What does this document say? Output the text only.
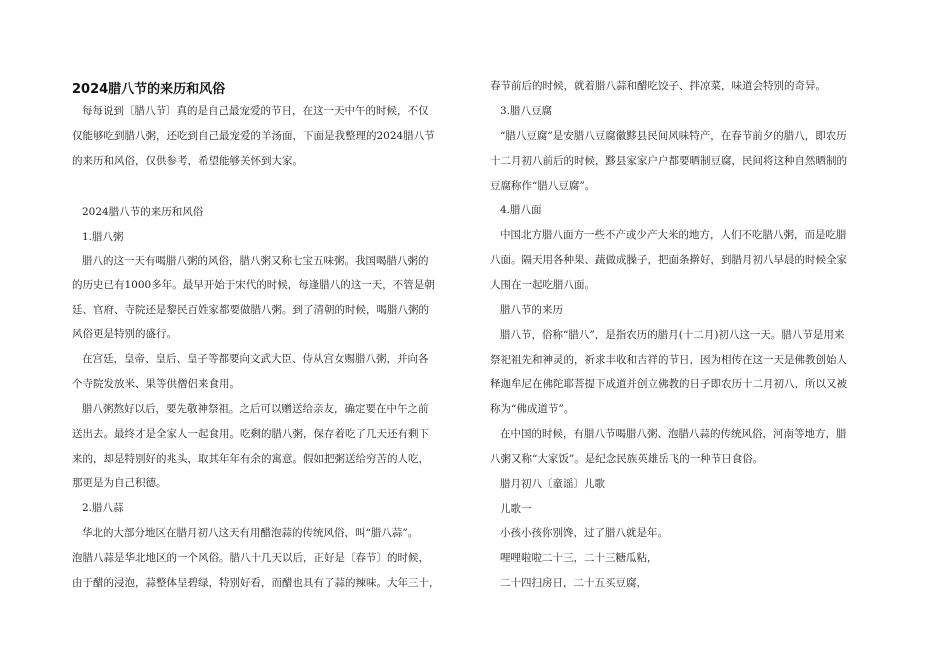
2024腊八节的来历和风俗
每每说到〔腊八节〕真的是自己最宠爱的节日，在这一天中午的时候，不仅
仅能够吃到腊八粥，还吃到自己最宠爱的羊汤面，下面是我整理的2024腊八节
的来历和风俗，仅供参考，希望能够关怀到大家。
2024腊八节的来历和风俗
1.腊八粥
腊八的这一天有喝腊八粥的风俗，腊八粥又称七宝五味粥。我国喝腊八粥的
的历史已有1000多年。最早开始于宋代的时候，每逢腊八的这一天，不管是朝
廷、官府、寺院还是黎民百姓家都要做腊八粥。到了清朝的时候，喝腊八粥的
风俗更是特别的盛行。
在宫廷，皇帝、皇后、皇子等都要向文武大臣、侍从宫女赐腊八粥，并向各
个寺院发放米、果等供僧侣来食用。
腊八粥熬好以后，要先敬神祭祖。之后可以赠送给亲友，确定要在中午之前
送出去。最终才是全家人一起食用。吃剩的腊八粥，保存着吃了几天还有剩下
来的，却是特别好的兆头，取其年年有余的寓意。假如把粥送给穷苦的人吃，
那更是为自己积德。
2.腊八蒜
华北的大部分地区在腊月初八这天有用醋泡蒜的传统风俗，叫“腊八蒜”。
泡腊八蒜是华北地区的一个风俗。腊八十几天以后，正好是〔春节〕的时候，
由于醋的浸泡，蒜整体呈碧绿，特别好看，而醋也具有了蒜的辣味。大年三十，
春节前后的时候，就着腊八蒜和醋吃饺子、拌凉菜，味道会特别的奇异。
3.腊八豆腐
“腊八豆腐”是安腊八豆腐徽黟县民间风味特产，在春节前夕的腊八，即农历
十二月初八前后的时候，黟县家家户户都要晒制豆腐，民间将这种自然晒制的
豆腐称作“腊八豆腐”。
4.腊八面
中国北方腊八面方一些不产或少产大米的地方，人们不吃腊八粥，而是吃腊
八面。隔天用各种果、蔬做成臊子，把面条擀好，到腊月初八早晨的时候全家
人围在一起吃腊八面。
腊八节的来历
腊八节，俗称“腊八”，是指农历的腊月(十二月)初八这一天。腊八节是用来
祭祀祖先和神灵的，祈求丰收和吉祥的节日，因为相传在这一天是佛教创始人
释迦牟尼在佛陀耶菩提下成道并创立佛教的日子即农历十二月初八，所以又被
称为“佛成道节”。
在中国的时候，有腊八节喝腊八粥、泡腊八蒜的传统风俗，河南等地方，腊
八粥又称“大家饭”。是纪念民族英雄岳飞的一种节日食俗。
腊月初八〔童谣〕儿歌
儿歌一
小孩小孩你别馋，过了腊八就是年。
哩哩啦啦二十三，二十三糖瓜粘，
二十四扫房日，二十五买豆腐，
